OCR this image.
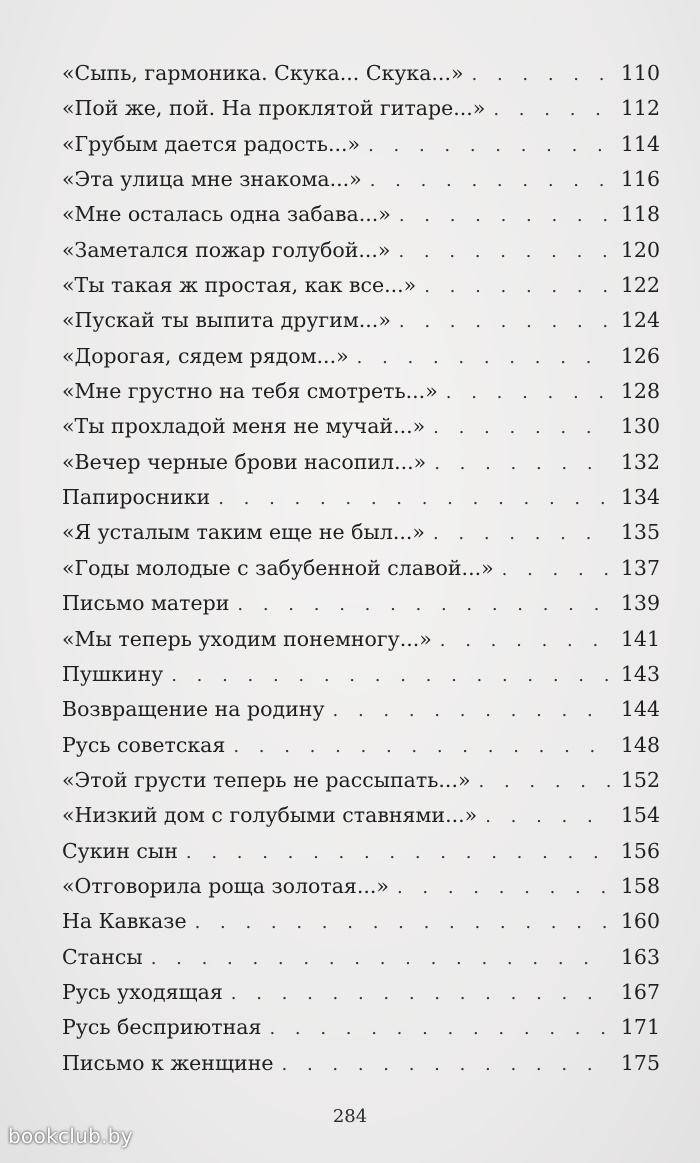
«Сыпь, гармоника. Скука... Скука...» . . .	110
«Пой же, пой. На проклятой гитаре...» . . .	112
«Грубым дается радость...» . . .	114
«Эта улица мне знакома...» . . .	116
«Мне осталась одна забава...» . . .	118
«Заметался пожар голубой...» . . .	120
«Ты такая ж простая, как все...» . . .	122
«Пускай ты выпита другим...» . . .	124
«Дорогая, сядем рядом...» . . .	126
«Мне грустно на тебя смотреть...» . . .	128
«Ты прохладой меня не мучай...» . . .	130
«Вечер черные брови насопил...» . . .	132
Папиросники . . .	134
«Я усталым таким еще не был...» . . .	135
«Годы молодые с забубенной славой...» . . .	137
Письмо матери . . .	139
«Мы теперь уходим понемногу...» . . .	141
Пушкину . . .	143
Возвращение на родину . . .	144
Русь советская . . .	148
«Этой грусти теперь не рассыпать...» . . .	152
«Низкий дом с голубыми ставнями...» . . .	154
Сукин сын . . .	156
«Отговорила роща золотая...» . . .	158
На Кавказе . . .	160
Стансы . . .	163
Русь уходящая . . .	167
Русь бесприютная . . .	171
Письмо к женщине . . .	175
284
bookclub.by
